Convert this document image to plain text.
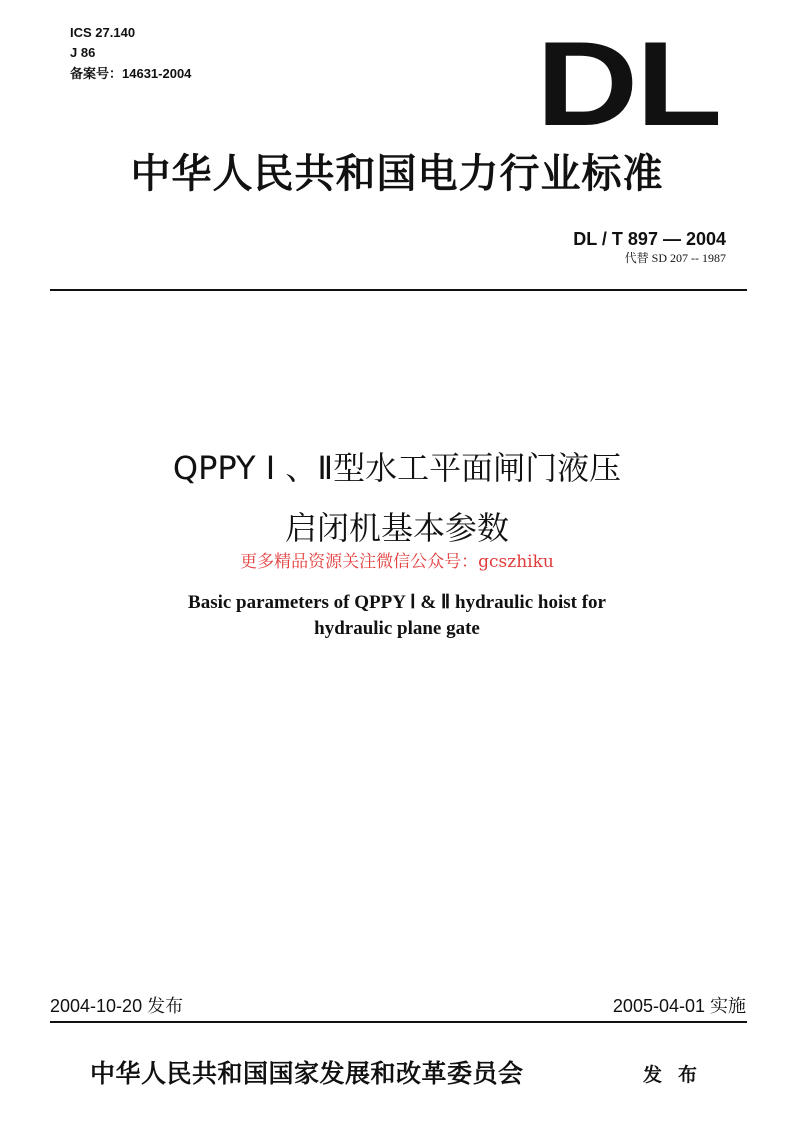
ICS 27.140
J 86
备案号：14631-2004	DL
中华人民共和国电力行业标准
DL / T 897 — 2004
代替 SD 207 -- 1987
QPPY Ⅰ 、Ⅱ型水工平面闸门液压
启闭机基本参数
更多精品资源关注微信公众号：gcszhiku
Basic parameters of QPPY Ⅰ & Ⅱ hydraulic hoist for
hydraulic plane gate
2004-10-20 发布	2005-04-01 实施
中华人民共和国国家发展和改革委员会	发布
